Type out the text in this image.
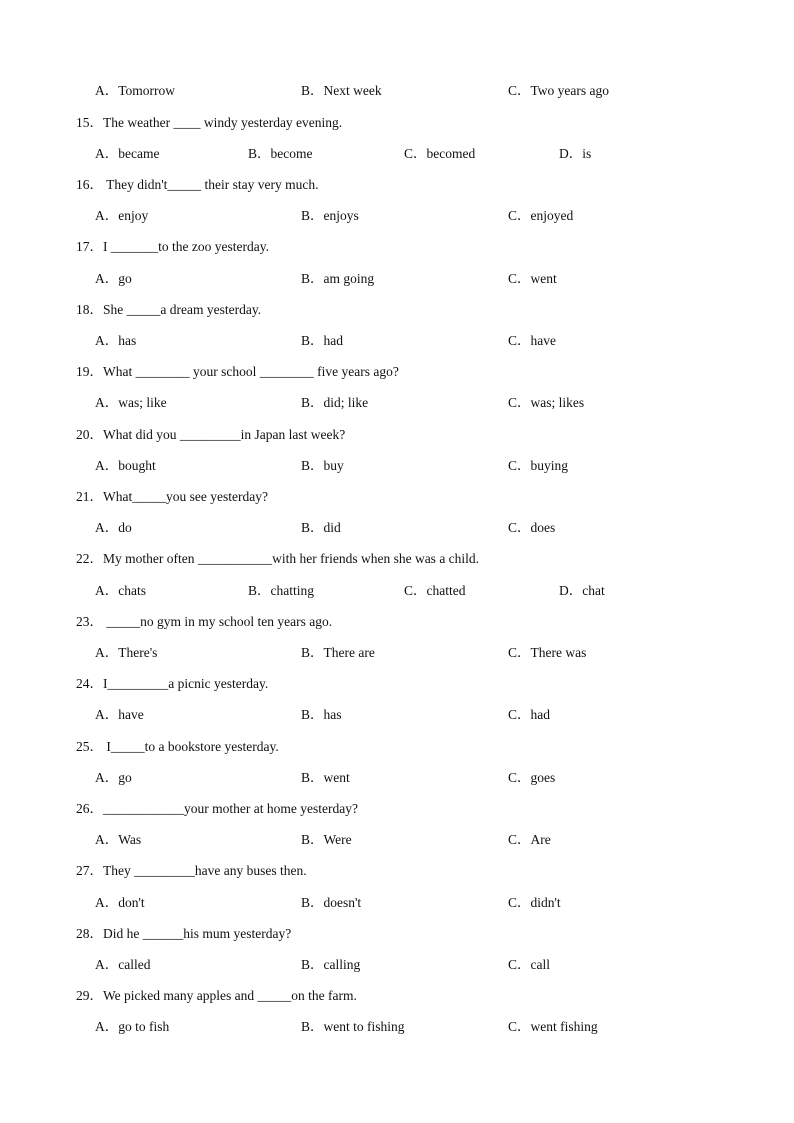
A．Tomorrow	B．Next week	C．Two years ago
15．The weather ____ windy yesterday evening.
A．became	B．become	C．becomed	D．is
16． They didn't_____ their stay very much.
A．enjoy	B．enjoys	C．enjoyed
17．I _______to the zoo yesterday.
A．go	B．am going	C．went
18．She _____a dream yesterday.
A．has	B．had	C．have
19．What ________ your school ________ five years ago?
A．was; like	B．did; like	C．was; likes
20．What did you _________in Japan last week?
A．bought	B．buy	C．buying
21．What_____you see yesterday?
A．do	B．did	C．does
22．My mother often ___________with her friends when she was a child.
A．chats	B．chatting	C．chatted	D．chat
23． _____no gym in my school ten years ago.
A．There's	B．There are	C．There was
24．I_________a picnic yesterday.
A．have	B．has	C．had
25． I_____to a bookstore yesterday.
A．go	B．went	C．goes
26．____________your mother at home yesterday?
A．Was	B．Were	C．Are
27．They _________have any buses then.
A．don't	B．doesn't	C．didn't
28．Did he ______his mum yesterday?
A．called	B．calling	C．call
29．We picked many apples and _____on the farm.
A．go to fish	B．went to fishing	C．went fishing
